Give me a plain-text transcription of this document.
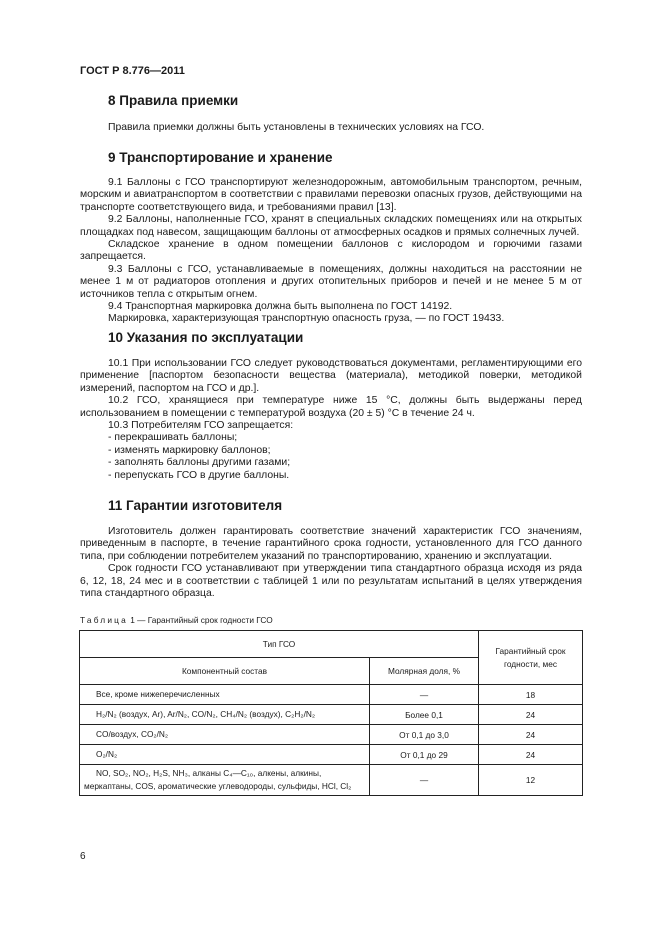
ГОСТ Р 8.776—2011
8 Правила приемки

Правила приемки должны быть установлены в технических условиях на ГСО.

9 Транспортирование и хранение

9.1 Баллоны с ГСО транспортируют железнодорожным, автомобильным транспортом, речным, морским и авиатранспортом в соответствии с правилами перевозки опасных грузов, действующими на транспорте соответствующего вида, и требованиями правил [13].

9.2 Баллоны, наполненные ГСО, хранят в специальных складских помещениях или на открытых площадках под навесом, защищающим баллоны от атмосферных осадков и прямых солнечных лучей.

Складское хранение в одном помещении баллонов с кислородом и горючими газами запрещается.

9.3 Баллоны с ГСО, устанавливаемые в помещениях, должны находиться на расстоянии не менее 1 м от радиаторов отопления и других отопительных приборов и печей и не менее 5 м от источников тепла с открытым огнем.

9.4 Транспортная маркировка должна быть выполнена по ГОСТ 14192.

Маркировка, характеризующая транспортную опасность груза, — по ГОСТ 19433.

10 Указания по эксплуатации

10.1 При использовании ГСО следует руководствоваться документами, регламентирующими его применение [паспортом безопасности вещества (материала), методикой поверки, методикой измерений, паспортом на ГСО и др.].

10.2 ГСО, хранящиеся при температуре ниже 15 °С, должны быть выдержаны перед использованием в помещении с температурой воздуха (20 ± 5) °С в течение 24 ч.

10.3 Потребителям ГСО запрещается:

- перекрашивать баллоны;
- изменять маркировку баллонов;
- заполнять баллоны другими газами;
- перепускать ГСО в другие баллоны.
11 Гарантии изготовителя

Изготовитель должен гарантировать соответствие значений характеристик ГСО значениям, приведенным в паспорте, в течение гарантийного срока годности, установленного для ГСО данного типа, при соблюдении потребителем указаний по транспортированию, хранению и эксплуатации.

Срок годности ГСО устанавливают при утверждении типа стандартного образца исходя из ряда 6, 12, 18, 24 мес и в соответствии с таблицей 1 или по результатам испытаний в целях утверждения типа стандартного образца.

Таблица 1 — Гарантийный срок годности ГСО
Тип ГСО		Гарантийный срок годности, мес
Компонентный состав	Молярная доля, %	
Все, кроме нижеперечисленных	—	18
H₂/N₂ (воздух, Ar), Ar/N₂, CO/N₂, CH₄/N₂ (воздух), C₂H₂/N₂	Более 0,1	24
CO/воздух, CO₂/N₂	От 0,1 до 3,0	24
O₂/N₂	От 0,1 до 29	24
NO, SO₂, NO₂, H₂S, NH₃, алканы C₄—C₁₀, алкены, алкины, меркаптаны, COS, ароматические углеводороды, сульфиды, HCl, Cl₂	—	12
6
